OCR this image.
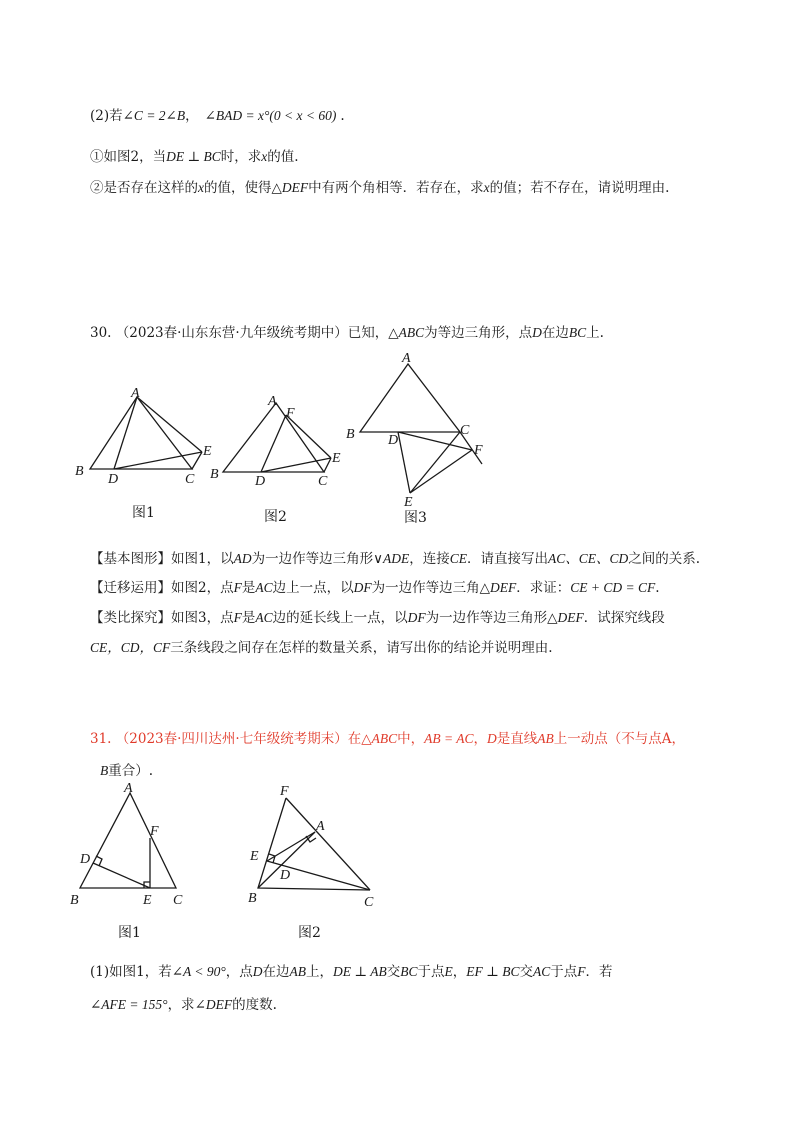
(2)若∠C = 2∠B， ∠BAD = x°(0 < x < 60) .
①如图2，当DE ⊥ BC时，求x的值.
②是否存在这样的x的值，使得△DEF中有两个角相等．若存在，求x的值；若不存在，请说明理由.
30. （2023春·山东东营·九年级统考期中）已知，△ABC为等边三角形，点D在边BC上.
A
E
B
D	C
图1
A
F
E
B	D	C
图2
A
B	C
D
F
E
图3
【基本图形】如图1，以AD为一边作等边三角形∨ADE，连接CE．请直接写出AC、CE、CD之间的关系.
【迁移运用】如图2，点F是AC边上一点，以DF为一边作等边三角△DEF．求证：CE + CD = CF.
【类比探究】如图3，点F是AC边的延长线上一点，以DF为一边作等边三角形△DEF．试探究线段
CE，CD，CF三条线段之间存在怎样的数量关系，请写出你的结论并说明理由.
31. （2023春·四川达州·七年级统考期末）在△ABC中，AB = AC，D是直线AB上一动点（不与点A，
B重合）.
A
F
D
B	E C
图1
F
A
E
D
B	C
图2
(1)如图1，若∠A < 90°，点D在边AB上，DE ⊥ AB交BC于点E，EF ⊥ BC交AC于点F．若
∠AFE = 155°，求∠DEF的度数.
